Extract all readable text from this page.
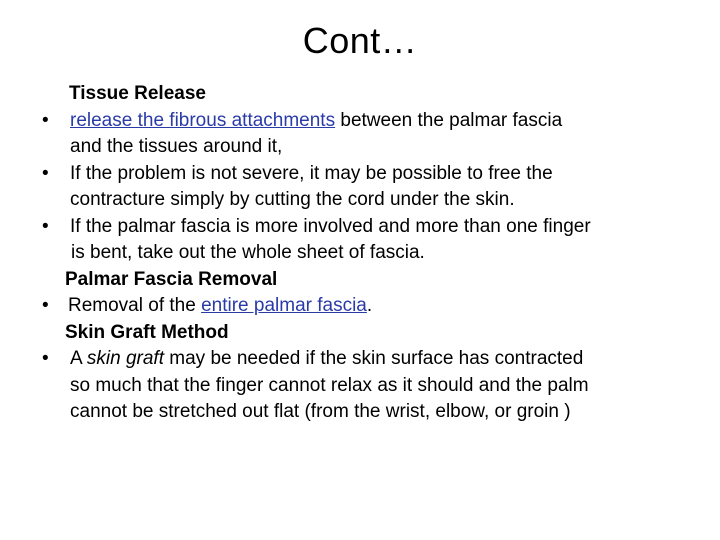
Cont…
Tissue Release
•	release the fibrous attachments between the palmar fascia
and the tissues around it,
•	If the problem is not severe, it may be possible to free the
contracture simply by cutting the cord under the skin.
•	If the palmar fascia is more involved and more than one finger
is bent, take out the whole sheet of fascia.
Palmar Fascia Removal
•	Removal of the entire palmar fascia.
Skin Graft Method
•	A skin graft may be needed if the skin surface has contracted
so much that the finger cannot relax as it should and the palm
cannot be stretched out flat (from the wrist, elbow, or groin )
